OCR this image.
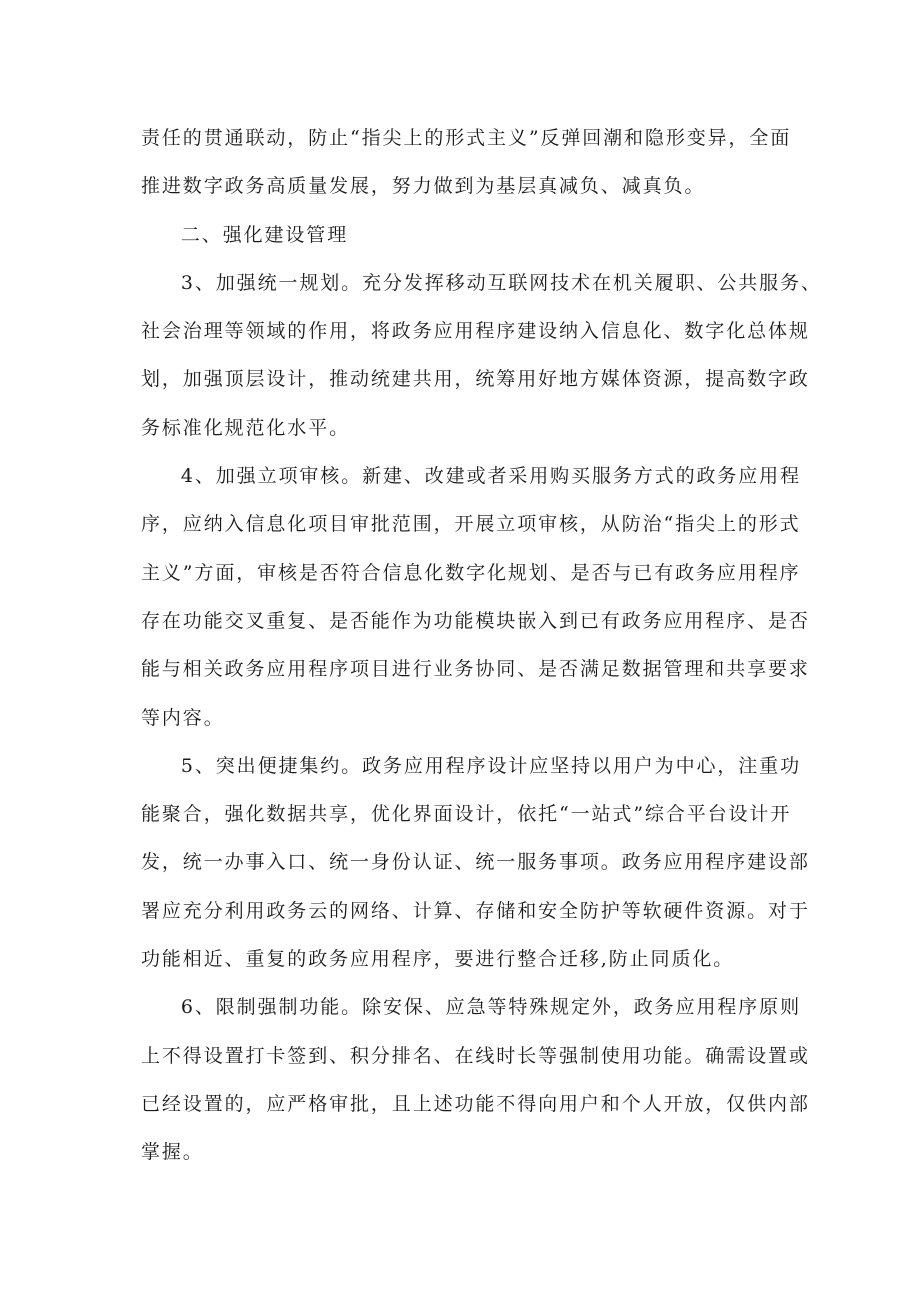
责任的贯通联动，防止“指尖上的形式主义”反弹回潮和隐形变异，全面
推进数字政务高质量发展，努力做到为基层真减负、减真负。

二、强化建设管理

3、加强统一规划。充分发挥移动互联网技术在机关履职、公共服务、
社会治理等领域的作用，将政务应用程序建设纳入信息化、数字化总体规
划，加强顶层设计，推动统建共用，统筹用好地方媒体资源，提高数字政
务标准化规范化水平。

4、加强立项审核。新建、改建或者采用购买服务方式的政务应用程
序，应纳入信息化项目审批范围，开展立项审核，从防治“指尖上的形式
主义”方面，审核是否符合信息化数字化规划、是否与已有政务应用程序
存在功能交叉重复、是否能作为功能模块嵌入到已有政务应用程序、是否
能与相关政务应用程序项目进行业务协同、是否满足数据管理和共享要求
等内容。

5、突出便捷集约。政务应用程序设计应坚持以用户为中心，注重功
能聚合，强化数据共享，优化界面设计，依托“一站式”综合平台设计开
发，统一办事入口、统一身份认证、统一服务事项。政务应用程序建设部
署应充分利用政务云的网络、计算、存储和安全防护等软硬件资源。对于
功能相近、重复的政务应用程序，要进行整合迁移,防止同质化。

6、限制强制功能。除安保、应急等特殊规定外，政务应用程序原则
上不得设置打卡签到、积分排名、在线时长等强制使用功能。确需设置或
已经设置的，应严格审批，且上述功能不得向用户和个人开放，仅供内部
掌握。
